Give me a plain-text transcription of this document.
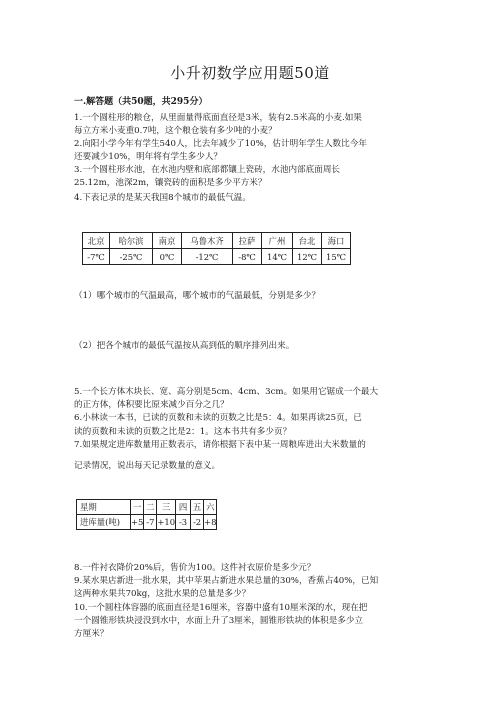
小升初数学应用题50道
一.解答题（共50题，共295分）

1.一个圆柱形的粮仓，从里面量得底面直径是3米，装有2.5米高的小麦.如果
每立方米小麦重0.7吨，这个粮仓装有多少吨的小麦？

2.向阳小学今年有学生540人，比去年减少了10%，估计明年学生人数比今年
还要减少10%，明年将有学生多少人？

3.一个圆柱形水池，在水池内壁和底部都镶上瓷砖，水池内部底面周长
25.12m，池深2m，镶瓷砖的面积是多少平方米？

4.下表记录的是某天我国8个城市的最低气温。

北京	哈尔滨	南京	乌鲁木齐	拉萨	广州	台北	海口
-7℃	-25℃	0℃	-12℃	-8℃	14℃	12℃	15℃

（1）哪个城市的气温最高，哪个城市的气温最低，分别是多少？

（2）把各个城市的最低气温按从高到低的顺序排列出来。

5.一个长方体木块长、宽、高分别是5cm、4cm、3cm。如果用它锯成一个最大
的正方体，体积要比原来减少百分之几？
6.小林读一本书，已读的页数和未读的页数之比是5：4。如果再读25页，已
读的页数和未读的页数之比是2：1。这本书共有多少页？
7.如果规定进库数量用正数表示，请你根据下表中某一周粮库进出大米数量的

记录情况，说出每天记录数量的意义。

星期	一	二	三	四	五	六
进库量(吨)	+5	-7	+10	-3	-2	+8

8.一件衬衣降价20%后，售价为100。这件衬衣原价是多少元？
9.某水果店新进一批水果，其中苹果占新进水果总量的30%，香蕉占40%，已知
这两种水果共70kg，这批水果的总量是多少？
10.一个圆柱体容器的底面直径是16厘米，容器中盛有10厘米深的水，现在把
一个圆锥形铁块浸没到水中，水面上升了3厘米，圆锥形铁块的体积是多少立
方厘米？
